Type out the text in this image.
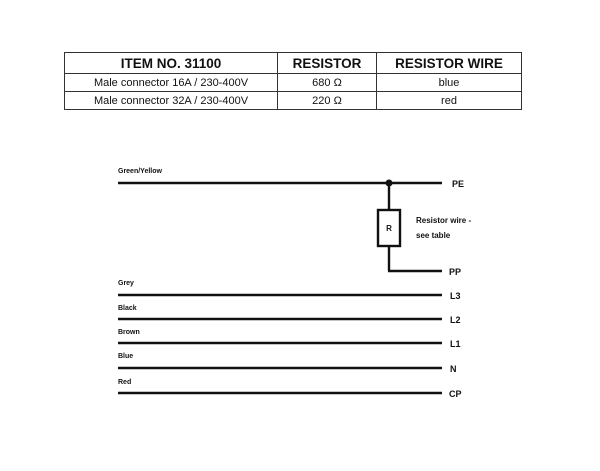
ITEM NO. 31100	RESISTOR	RESISTOR WIRE
Male connector 16A / 230-400V	680 Ω	blue
Male connector 32A / 230-400V	220 Ω	red
Green/Yellow
PE
R
PP
Resistor wire -
see table
Grey
L3
Black
L2
Brown
L1
Blue
N
Red
CP
